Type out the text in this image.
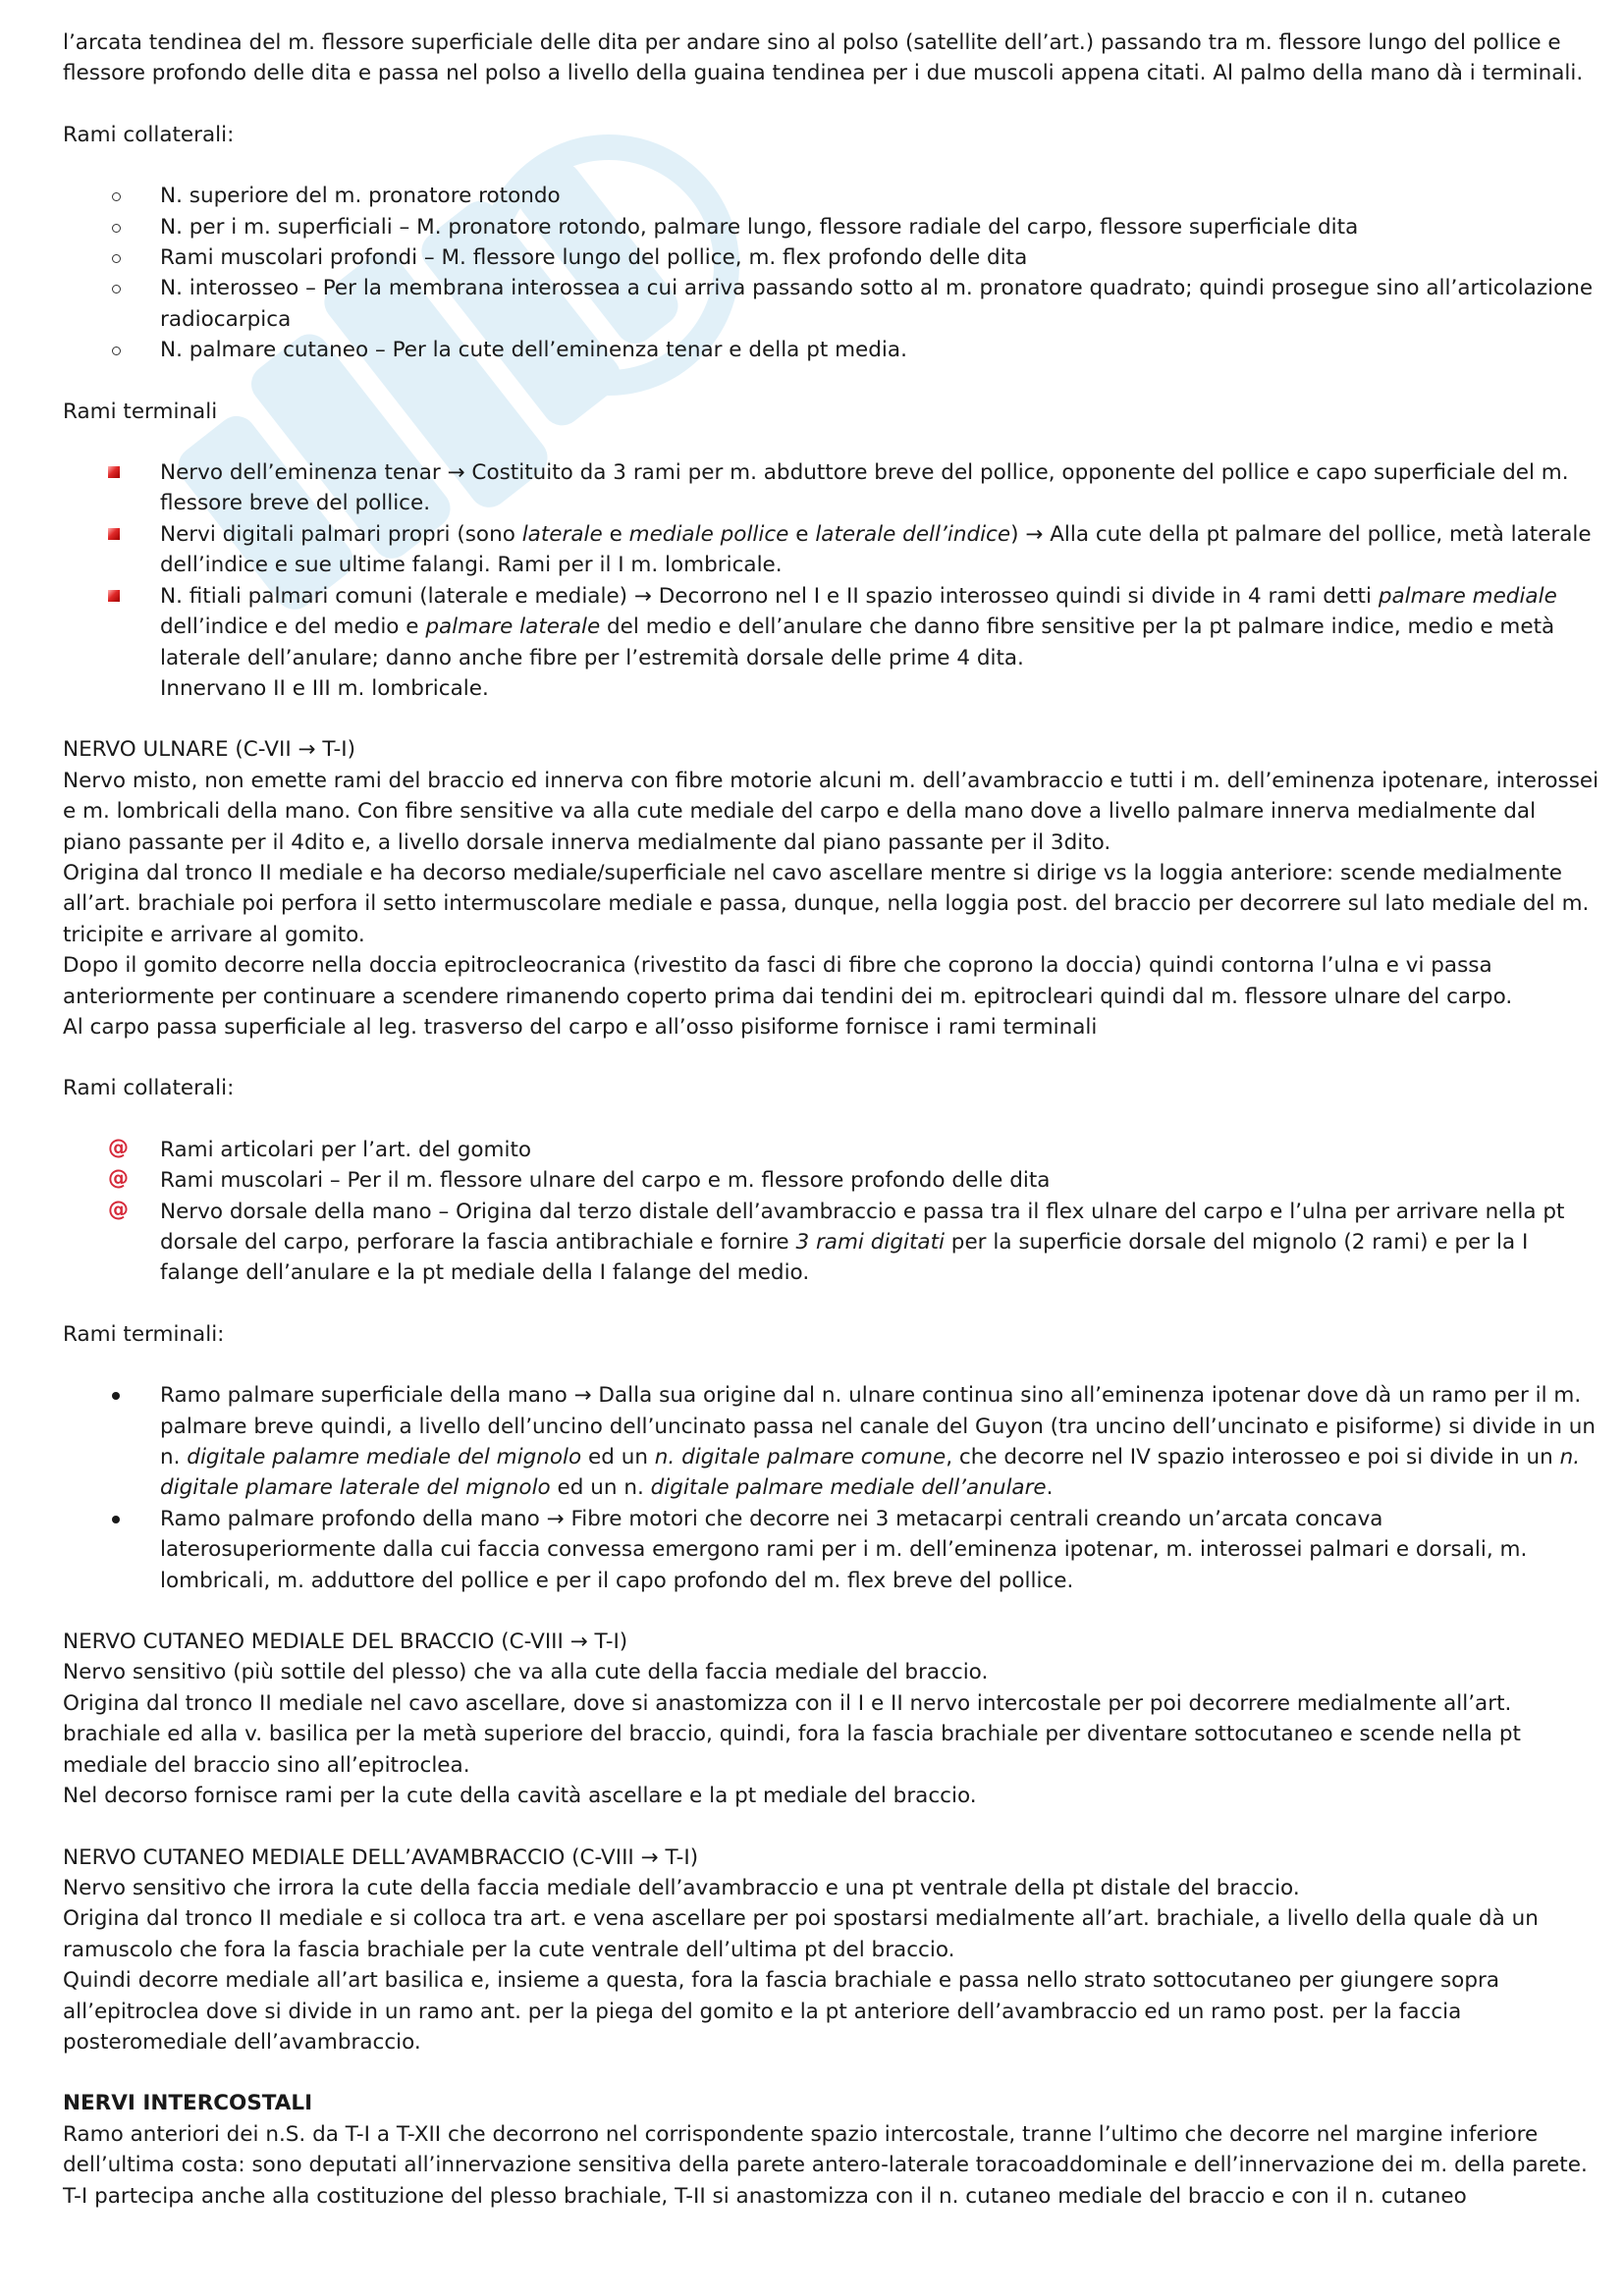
l’arcata tendinea del m. flessore superficiale delle dita per andare sino al polso (satellite dell’art.) passando tra m. flessore lungo del pollice e flessore profondo delle dita e passa nel polso a livello della guaina tendinea per i due muscoli appena citati. Al palmo della mano dà i terminali.

Rami collaterali:

N. superiore del m. pronatore rotondo
N. per i m. superficiali – M. pronatore rotondo, palmare lungo, flessore radiale del carpo, flessore superficiale dita
Rami muscolari profondi – M. flessore lungo del pollice, m. flex profondo delle dita
N. interosseo – Per la membrana interossea a cui arriva passando sotto al m. pronatore quadrato; quindi prosegue sino all’articolazione radiocarpica
N. palmare cutaneo – Per la cute dell’eminenza tenar e della pt media.

Rami terminali

Nervo dell’eminenza tenar → Costituito da 3 rami per m. abduttore breve del pollice, opponente del pollice e capo superficiale del m. flessore breve del pollice.
Nervi digitali palmari propri (sono laterale e mediale pollice e laterale dell’indice) → Alla cute della pt palmare del pollice, metà laterale dell’indice e sue ultime falangi. Rami per il I m. lombricale.
N. fitiali palmari comuni (laterale e mediale) → Decorrono nel I e II spazio interosseo quindi si divide in 4 rami detti palmare mediale dell’indice e del medio e palmare laterale del medio e dell’anulare che danno fibre sensitive per la pt palmare indice, medio e metà laterale dell’anulare; danno anche fibre per l’estremità dorsale delle prime 4 dita.
Innervano II e III m. lombricale.

NERVO ULNARE (C-VII → T-I)

Nervo misto, non emette rami del braccio ed innerva con fibre motorie alcuni m. dell’avambraccio e tutti i m. dell’eminenza ipotenare, interossei e m. lombricali della mano. Con fibre sensitive va alla cute mediale del carpo e della mano dove a livello palmare innerva medialmente dal piano passante per il 4dito e, a livello dorsale innerva medialmente dal piano passante per il 3dito.

Origina dal tronco II mediale e ha decorso mediale/superficiale nel cavo ascellare mentre si dirige vs la loggia anteriore: scende medialmente all’art. brachiale poi perfora il setto intermuscolare mediale e passa, dunque, nella loggia post. del braccio per decorrere sul lato mediale del m. tricipite e arrivare al gomito.

Dopo il gomito decorre nella doccia epitrocleocranica (rivestito da fasci di fibre che coprono la doccia) quindi contorna l’ulna e vi passa anteriormente per continuare a scendere rimanendo coperto prima dai tendini dei m. epitrocleari quindi dal m. flessore ulnare del carpo.

Al carpo passa superficiale al leg. trasverso del carpo e all’osso pisiforme fornisce i rami terminali

Rami collaterali:

@
Rami articolari per l’art. del gomito
@
Rami muscolari – Per il m. flessore ulnare del carpo e m. flessore profondo delle dita
@
Nervo dorsale della mano – Origina dal terzo distale dell’avambraccio e passa tra il flex ulnare del carpo e l’ulna per arrivare nella pt dorsale del carpo, perforare la fascia antibrachiale e fornire 3 rami digitati per la superficie dorsale del mignolo (2 rami) e per la I falange dell’anulare e la pt mediale della I falange del medio.

Rami terminali:

Ramo palmare superficiale della mano → Dalla sua origine dal n. ulnare continua sino all’eminenza ipotenar dove dà un ramo per il m. palmare breve quindi, a livello dell’uncino dell’uncinato passa nel canale del Guyon (tra uncino dell’uncinato e pisiforme) si divide in un n. digitale palamre mediale del mignolo ed un n. digitale palmare comune, che decorre nel IV spazio interosseo e poi si divide in un n. digitale plamare laterale del mignolo ed un n. digitale palmare mediale dell’anulare.
Ramo palmare profondo della mano → Fibre motori che decorre nei 3 metacarpi centrali creando un’arcata concava laterosuperiormente dalla cui faccia convessa emergono rami per i m. dell’eminenza ipotenar, m. interossei palmari e dorsali, m. lombricali, m. adduttore del pollice e per il capo profondo del m. flex breve del pollice.

NERVO CUTANEO MEDIALE DEL BRACCIO (C-VIII → T-I)

Nervo sensitivo (più sottile del plesso) che va alla cute della faccia mediale del braccio.

Origina dal tronco II mediale nel cavo ascellare, dove si anastomizza con il I e II nervo intercostale per poi decorrere medialmente all’art. brachiale ed alla v. basilica per la metà superiore del braccio, quindi, fora la fascia brachiale per diventare sottocutaneo e scende nella pt mediale del braccio sino all’epitroclea.

Nel decorso fornisce rami per la cute della cavità ascellare e la pt mediale del braccio.

NERVO CUTANEO MEDIALE DELL’AVAMBRACCIO (C-VIII → T-I)

Nervo sensitivo che irrora la cute della faccia mediale dell’avambraccio e una pt ventrale della pt distale del braccio.

Origina dal tronco II mediale e si colloca tra art. e vena ascellare per poi spostarsi medialmente all’art. brachiale, a livello della quale dà un ramuscolo che fora la fascia brachiale per la cute ventrale dell’ultima pt del braccio.

Quindi decorre mediale all’art basilica e, insieme a questa, fora la fascia brachiale e passa nello strato sottocutaneo per giungere sopra all’epitroclea dove si divide in un ramo ant. per la piega del gomito e la pt anteriore dell’avambraccio ed un ramo post. per la faccia posteromediale dell’avambraccio.

NERVI INTERCOSTALI

Ramo anteriori dei n.S. da T-I a T-XII che decorrono nel corrispondente spazio intercostale, tranne l’ultimo che decorre nel margine inferiore dell’ultima costa: sono deputati all’innervazione sensitiva della parete antero-laterale toracoaddominale e dell’innervazione dei m. della parete.

T-I partecipa anche alla costituzione del plesso brachiale, T-II si anastomizza con il n. cutaneo mediale del braccio e con il n. cutaneo
